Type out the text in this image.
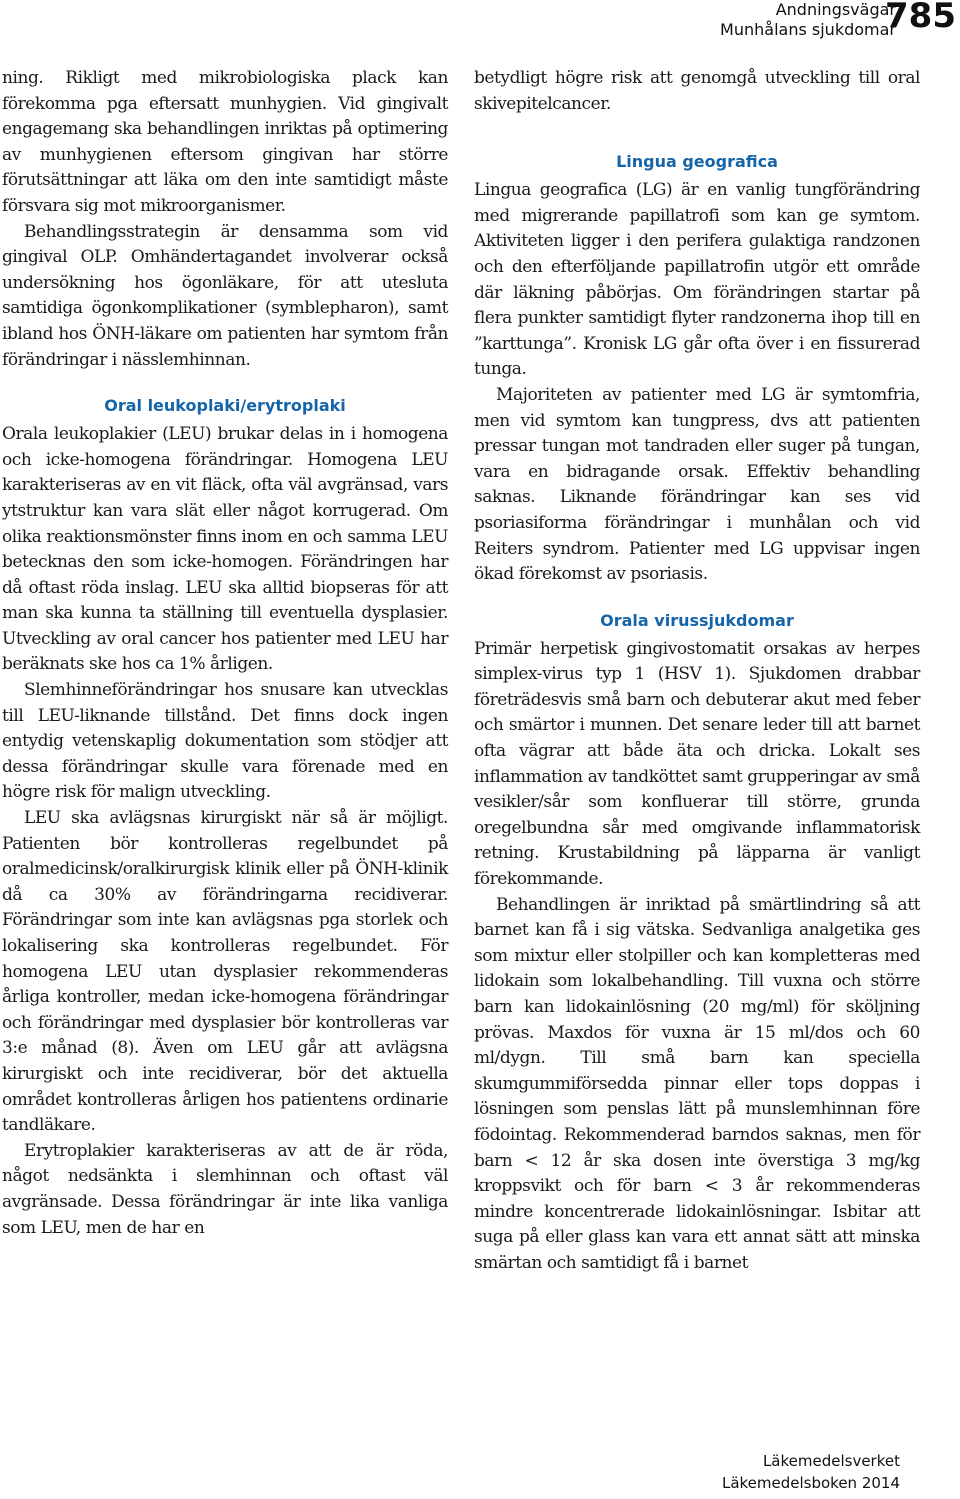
Andningsvägar
Munhålans sjukdomar
785

ning. Rikligt med mikrobiologiska plack kan förekomma pga eftersatt munhygien. Vid gingivalt engagemang ska behandlingen inriktas på optimering av munhygienen eftersom gingivan har större förutsättningar att läka om den inte samtidigt måste försvara sig mot mikroorganismer.

Behandlingsstrategin är densamma som vid gingival OLP. Omhändertagandet involverar också undersökning hos ögonläkare, för att utesluta samtidiga ögonkomplikationer (symblepharon), samt ibland hos ÖNH-läkare om patienten har symtom från förändringar i nässlemhinnan.

Oral leukoplaki/erytroplaki

Orala leukoplakier (LEU) brukar delas in i homogena och icke-homogena förändringar. Homogena LEU karakteriseras av en vit fläck, ofta väl avgränsad, vars ytstruktur kan vara slät eller något korrugerad. Om olika reaktionsmönster finns inom en och samma LEU betecknas den som icke-homogen. Förändringen har då oftast röda inslag. LEU ska alltid biopseras för att man ska kunna ta ställning till eventuella dysplasier. Utveckling av oral cancer hos patienter med LEU har beräknats ske hos ca 1% årligen.

Slemhinneförändringar hos snusare kan utvecklas till LEU-liknande tillstånd. Det finns dock ingen entydig vetenskaplig dokumentation som stödjer att dessa förändringar skulle vara förenade med en högre risk för malign utveckling.

LEU ska avlägsnas kirurgiskt när så är möjligt. Patienten bör kontrolleras regelbundet på oralmedicinsk/oralkirurgisk klinik eller på ÖNH-klinik då ca 30% av förändringarna recidiverar. Förändringar som inte kan avlägsnas pga storlek och lokalisering ska kontrolleras regelbundet. För homogena LEU utan dysplasier rekommenderas årliga kontroller, medan icke-homogena förändringar och förändringar med dysplasier bör kontrolleras var 3:e månad (8). Även om LEU går att avlägsna kirurgiskt och inte recidiverar, bör det aktuella området kontrolleras årligen hos patientens ordinarie tandläkare.

Erytroplakier karakteriseras av att de är röda, något nedsänkta i slemhinnan och oftast väl avgränsade. Dessa förändringar är inte lika vanliga som LEU, men de har en

betydligt högre risk att genomgå utveckling till oral skivepitelcancer.

Lingua geografica

Lingua geografica (LG) är en vanlig tungförändring med migrerande papillatrofi som kan ge symtom. Aktiviteten ligger i den perifera gulaktiga randzonen och den efterföljande papillatrofin utgör ett område där läkning påbörjas. Om förändringen startar på flera punkter samtidigt flyter randzonerna ihop till en ”karttunga”. Kronisk LG går ofta över i en fissurerad tunga.

Majoriteten av patienter med LG är symtomfria, men vid symtom kan tungpress, dvs att patienten pressar tungan mot tandraden eller suger på tungan, vara en bidragande orsak. Effektiv behandling saknas. Liknande förändringar kan ses vid psoriasiforma förändringar i munhålan och vid Reiters syndrom. Patienter med LG uppvisar ingen ökad förekomst av psoriasis.

Orala virussjukdomar

Primär herpetisk gingivostomatit orsakas av herpes simplex-virus typ 1 (HSV 1). Sjukdomen drabbar företrädesvis små barn och debuterar akut med feber och smärtor i munnen. Det senare leder till att barnet ofta vägrar att både äta och dricka. Lokalt ses inflammation av tandköttet samt grupperingar av små vesikler/sår som konfluerar till större, grunda oregelbundna sår med omgivande inflammatorisk retning. Krustabildning på läpparna är vanligt förekommande.

Behandlingen är inriktad på smärtlindring så att barnet kan få i sig vätska. Sedvanliga analgetika ges som mixtur eller stolpiller och kan kompletteras med lidokain som lokalbehandling. Till vuxna och större barn kan lidokainlösning (20 mg/ml) för sköljning prövas. Maxdos för vuxna är 15 ml/dos och 60 ml/dygn. Till små barn kan speciella skumgummiförsedda pinnar eller tops doppas i lösningen som penslas lätt på munslemhinnan före födointag. Rekommenderad barndos saknas, men för barn < 12 år ska dosen inte överstiga 3 mg/kg kroppsvikt och för barn < 3 år rekommenderas mindre koncentrerade lidokainlösningar. Isbitar att suga på eller glass kan vara ett annat sätt att minska smärtan och samtidigt få i barnet

Läkemedelsverket
Läkemedelsboken 2014
